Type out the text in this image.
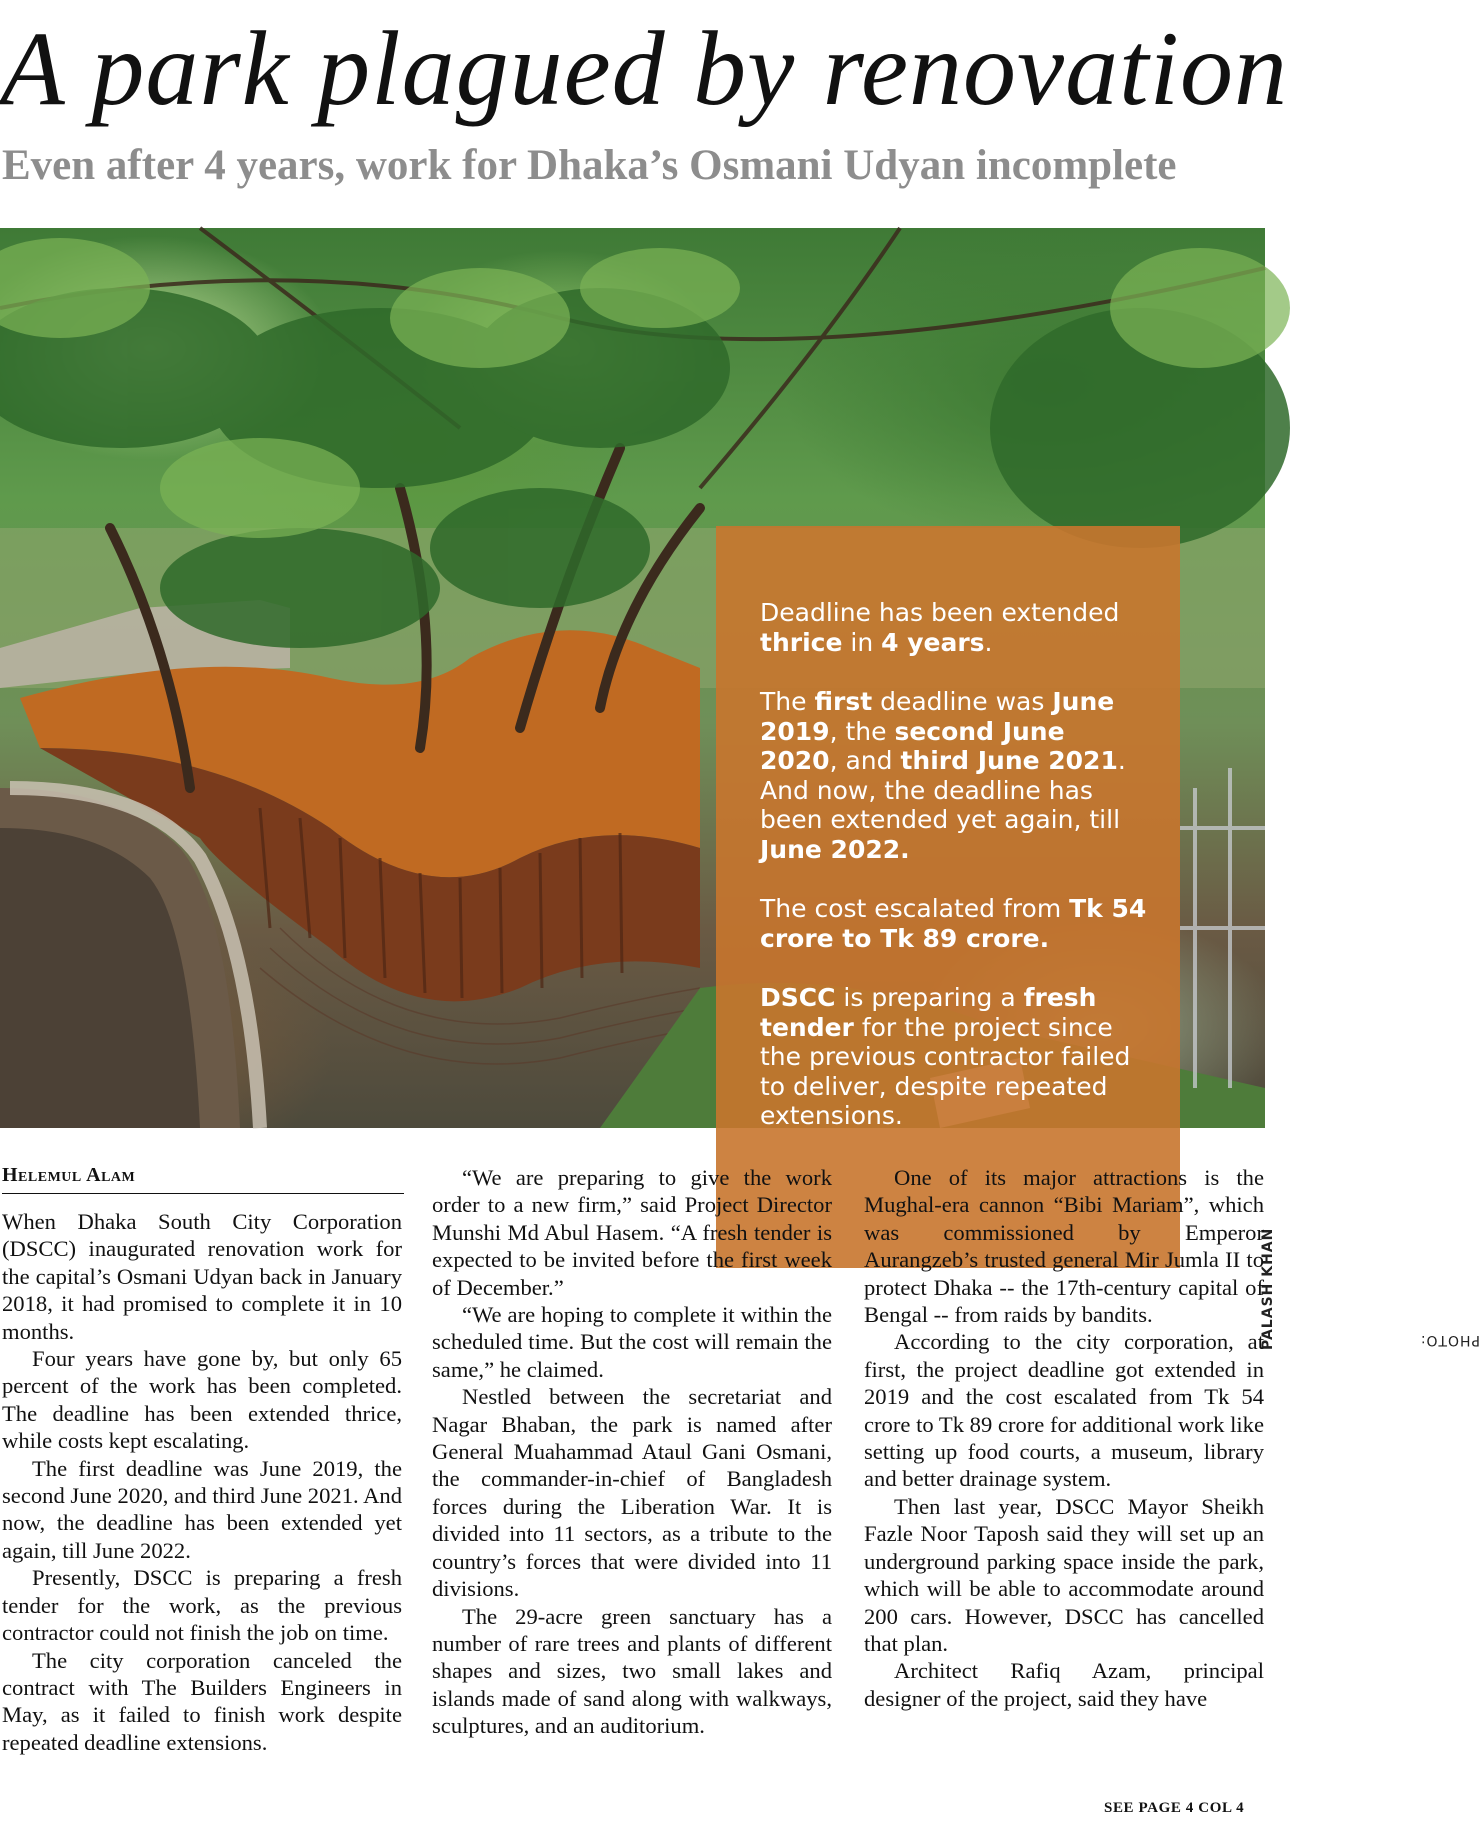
A park plagued by renovation
Even after 4 years, work for Dhaka’s Osmani Udyan incomplete

Deadline has been extended thrice in 4 years.

The first deadline was June 2019, the second June 2020, and third June 2021. And now, the deadline has been extended yet again, till June 2022.

The cost escalated from Tk 54 crore to Tk 89 crore.

DSCC is preparing a fresh tender for the project since the previous contractor failed to deliver, despite repeated extensions.

PHOTO:
PALASH KHAN
Helemul Alam

When Dhaka South City Corporation (DSCC) inaugurated renovation work for the capital’s Osmani Udyan back in January 2018, it had promised to complete it in 10 months.

Four years have gone by, but only 65 percent of the work has been completed. The deadline has been extended thrice, while costs kept escalating.

The first deadline was June 2019, the second June 2020, and third June 2021. And now, the deadline has been extended yet again, till June 2022.

Presently, DSCC is preparing a fresh tender for the work, as the previous contractor could not finish the job on time.

The city corporation canceled the contract with The Builders Engineers in May, as it failed to finish work despite repeated deadline extensions.

“We are preparing to give the work order to a new firm,” said Project Director Munshi Md Abul Hasem. “A fresh tender is expected to be invited before the first week of December.”

“We are hoping to complete it within the scheduled time. But the cost will remain the same,” he claimed.

Nestled between the secretariat and Nagar Bhaban, the park is named after General Muahammad Ataul Gani Osmani, the commander-in-chief of Bangladesh forces during the Liberation War. It is divided into 11 sectors, as a tribute to the country’s forces that were divided into 11 divisions.

The 29-acre green sanctuary has a number of rare trees and plants of different shapes and sizes, two small lakes and islands made of sand along with walkways, sculptures, and an auditorium.

One of its major attractions is the Mughal-era cannon “Bibi Mariam”, which was commissioned by Emperor Aurangzeb’s trusted general Mir Jumla II to protect Dhaka -- the 17th-century capital of Bengal -- from raids by bandits.

According to the city corporation, at first, the project deadline got extended in 2019 and the cost escalated from Tk 54 crore to Tk 89 crore for additional work like setting up food courts, a museum, library and better drainage system.

Then last year, DSCC Mayor Sheikh Fazle Noor Taposh said they will set up an underground parking space inside the park, which will be able to accommodate around 200 cars. However, DSCC has cancelled that plan.

Architect Rafiq Azam, principal designer of the project, said they have

SEE PAGE 4 COL 4
